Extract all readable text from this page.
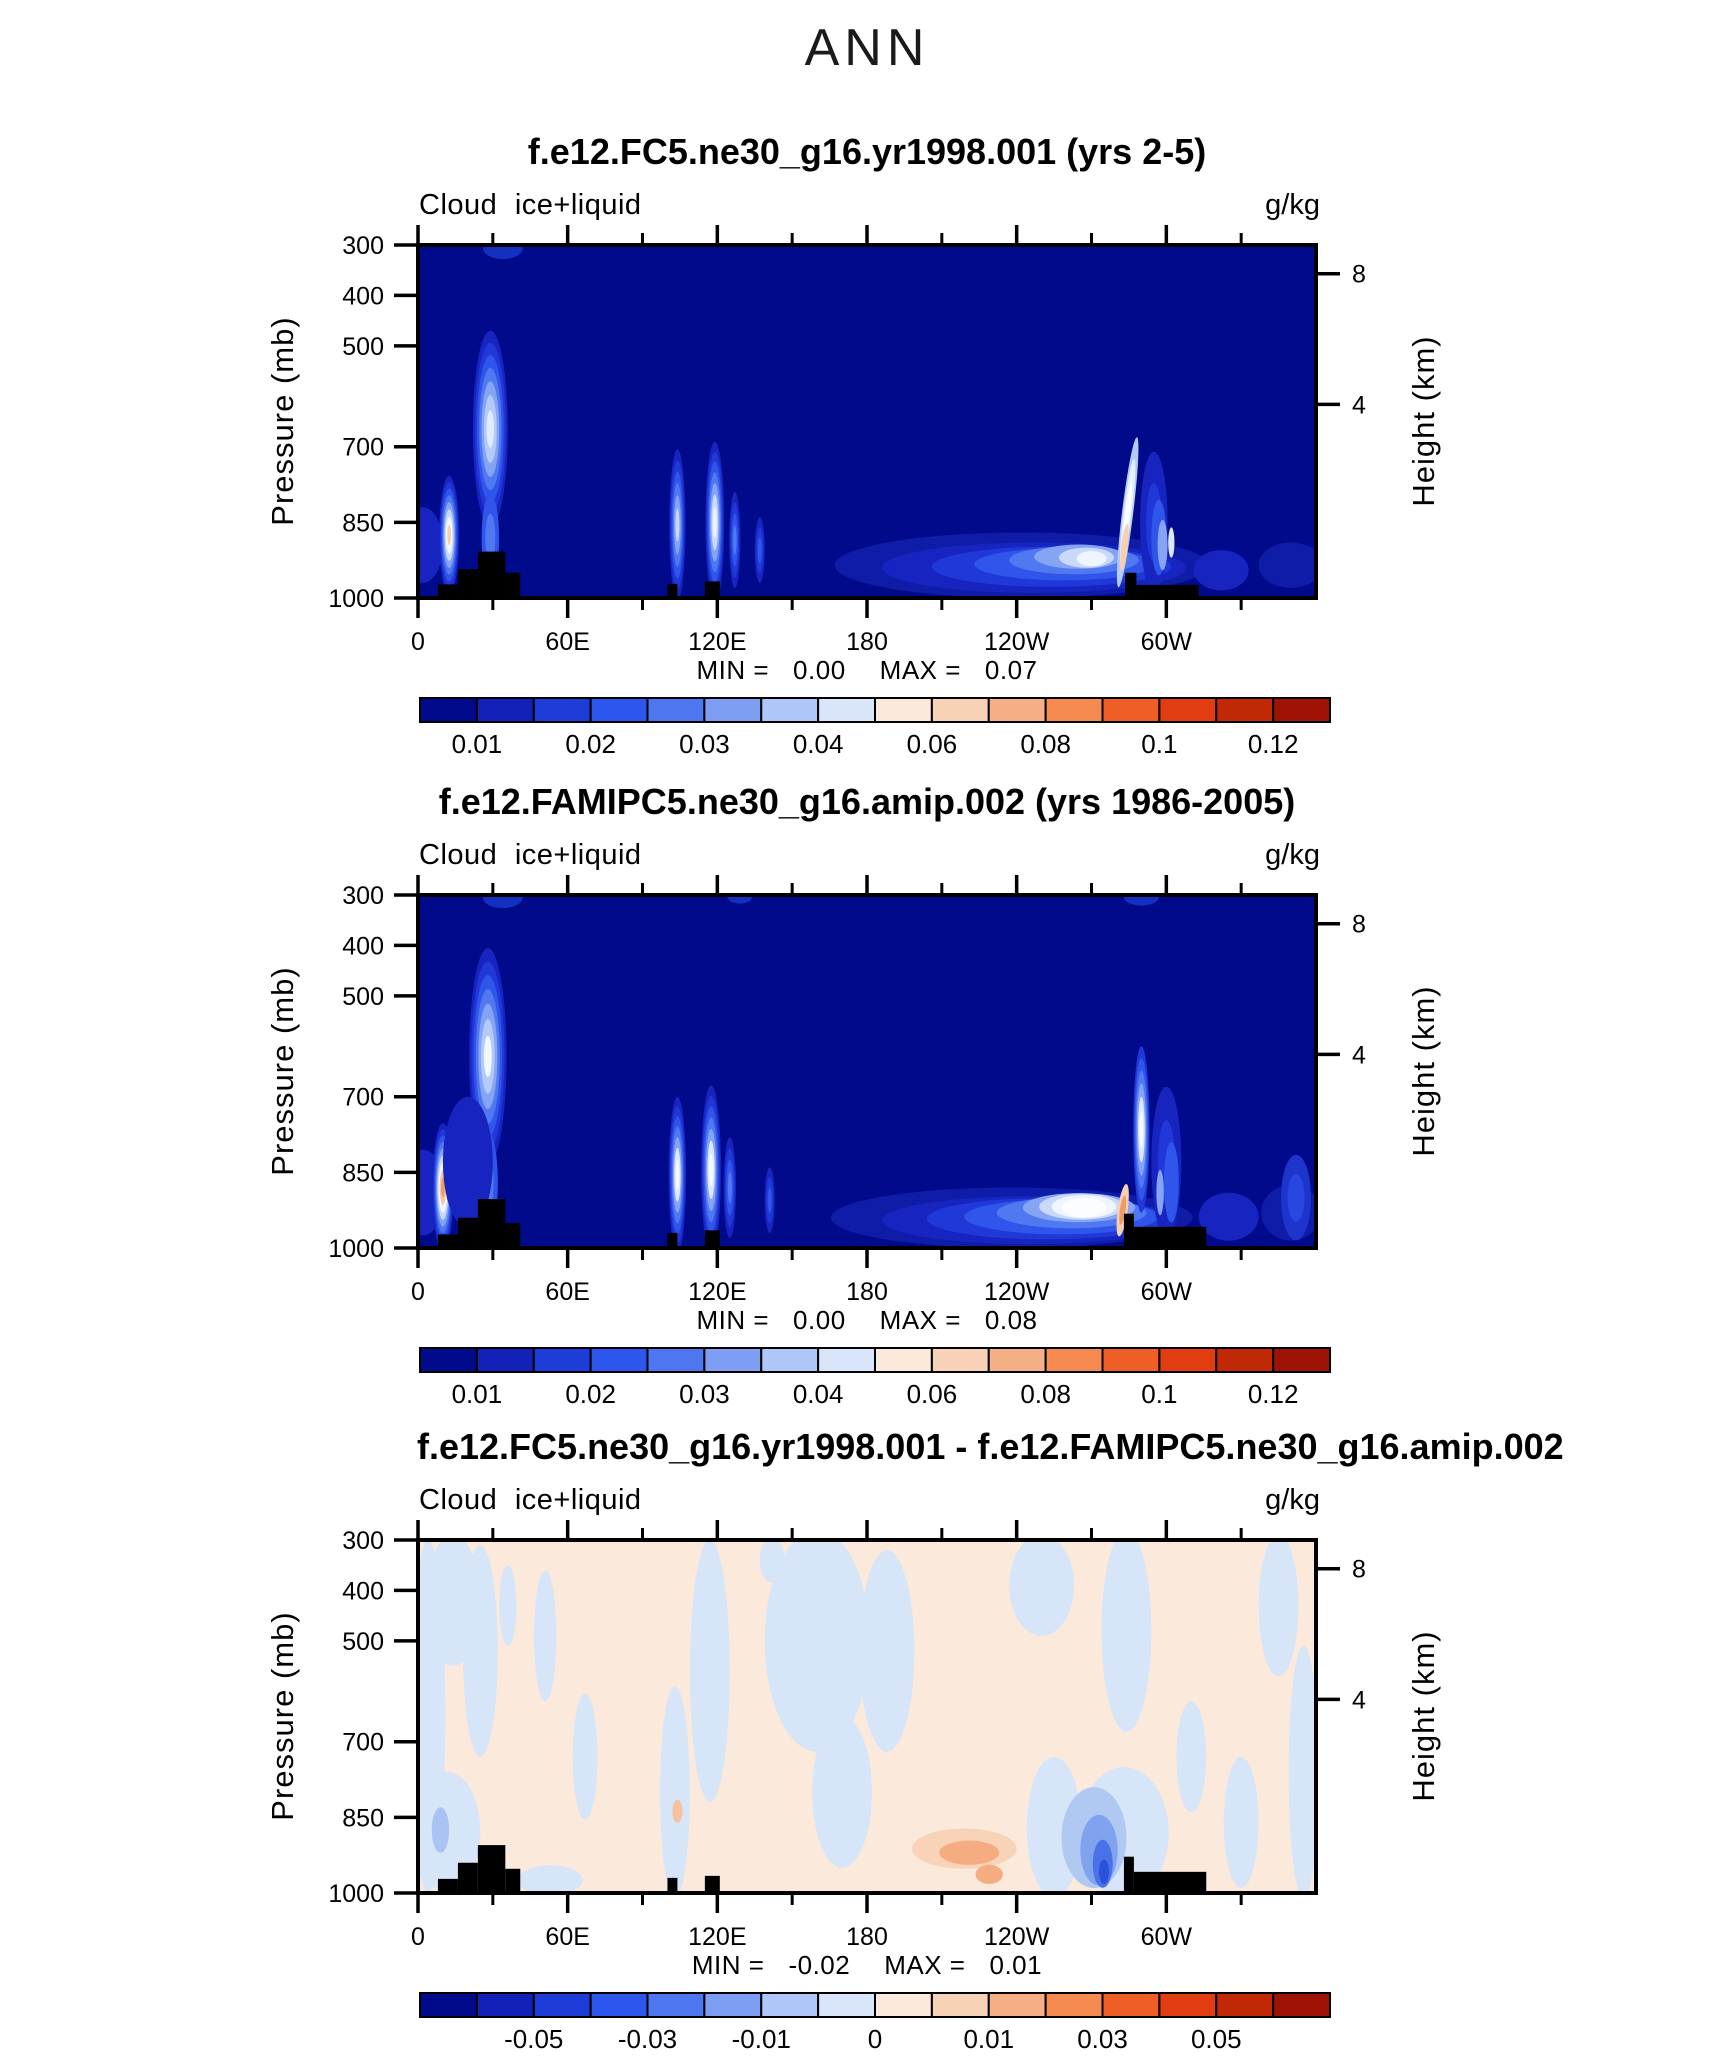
ANN
f.e12.FC5.ne30_g16.yr1998.001 (yrs 2-5)
Cloud ice+liquid	g/kg
Pressure (mb)	Height (km)
0	60E	120E	180	120W	60W
300
400
500
700
850
1000
8
4
MIN = 0.00 MAX = 0.07
0.01	0.02	0.03	0.04	0.06	0.08	0.1	0.12
f.e12.FAMIPC5.ne30_g16.amip.002 (yrs 1986-2005)
Cloud ice+liquid	g/kg
Pressure (mb)	Height (km)
0	60E	120E	180	120W	60W
300
400
500
700
850
1000
8
4
MIN = 0.00 MAX = 0.08
0.01	0.02	0.03	0.04	0.06	0.08	0.1	0.12
f.e12.FC5.ne30_g16.yr1998.001 - f.e12.FAMIPC5.ne30_g16.amip.002
Cloud ice+liquid	g/kg
Pressure (mb)	Height (km)
0	60E	120E	180	120W	60W
300
400
500
700
850
1000
8
4
MIN = -0.02 MAX = 0.01
-0.05	-0.03	-0.01	0	0.01	0.03	0.05
